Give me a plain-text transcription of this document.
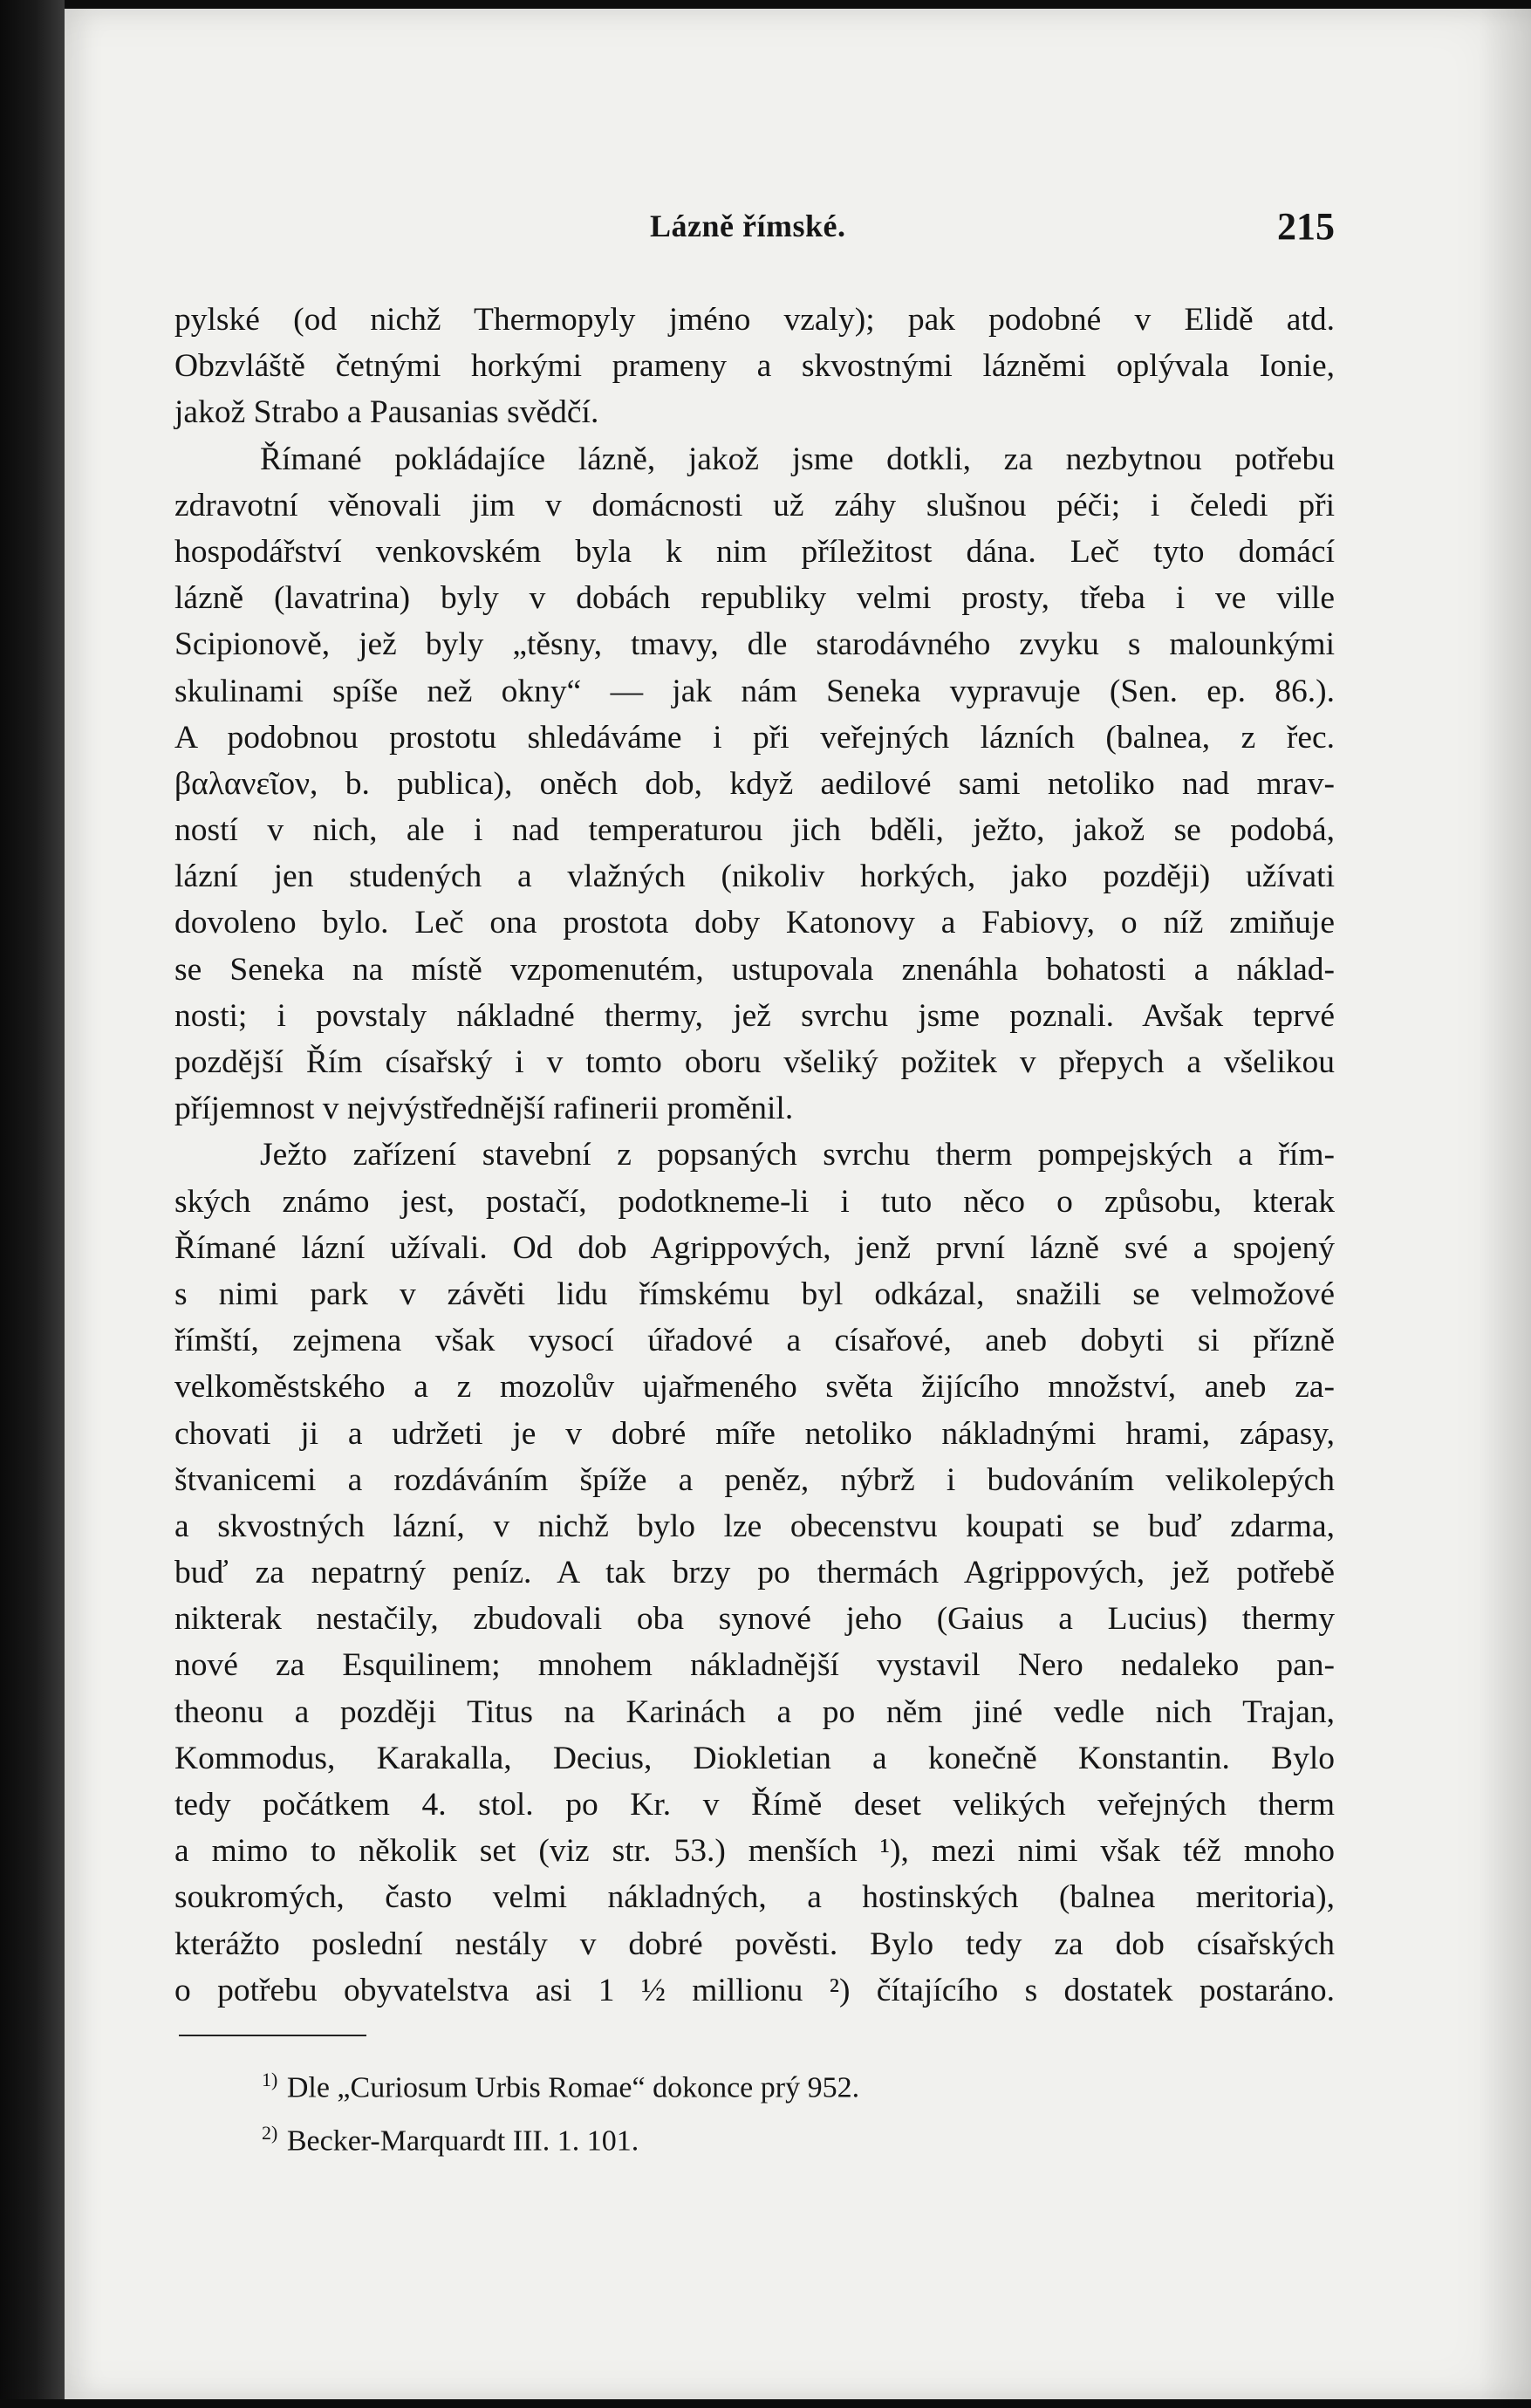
Lázně římské.	215
pylské (od nichž Thermopyly jméno vzaly); pak podobné v Elidě atd.
Obzvláště četnými horkými prameny a skvostnými lázněmi oplývala Ionie,
jakož Strabo a Pausanias svědčí.
Římané pokládajíce lázně, jakož jsme dotkli, za nezbytnou potřebu
zdravotní věnovali jim v domácnosti už záhy slušnou péči; i čeledi při
hospodářství venkovském byla k nim příležitost dána. Leč tyto domácí
lázně (lavatrina) byly v dobách republiky velmi prosty, třeba i ve ville
Scipionově, jež byly „těsny, tmavy, dle starodávného zvyku s malounkými
skulinami spíše než okny“ — jak nám Seneka vypravuje (Sen. ep. 86.).
A podobnou prostotu shledáváme i při veřejných lázních (balnea, z řec.
βαλανεῖον, b. publica), oněch dob, když aedilové sami netoliko nad mrav-
ností v nich, ale i nad temperaturou jich bděli, ježto, jakož se podobá,
lázní jen studených a vlažných (nikoliv horkých, jako později) užívati
dovoleno bylo. Leč ona prostota doby Katonovy a Fabiovy, o níž zmiňuje
se Seneka na místě vzpomenutém, ustupovala znenáhla bohatosti a náklad-
nosti; i povstaly nákladné thermy, jež svrchu jsme poznali. Avšak teprvé
pozdější Řím císařský i v tomto oboru všeliký požitek v přepych a všelikou
příjemnost v nejvýstřednější rafinerii proměnil.
Ježto zařízení stavební z popsaných svrchu therm pompejských a řím-
ských známo jest, postačí, podotkneme-li i tuto něco o způsobu, kterak
Římané lázní užívali. Od dob Agrippových, jenž první lázně své a spojený
s nimi park v závěti lidu římskému byl odkázal, snažili se velmožové
římští, zejmena však vysocí úřadové a císařové, aneb dobyti si přízně
velkoměstského a z mozolův ujařmeného světa žijícího množství, aneb za-
chovati ji a udržeti je v dobré míře netoliko nákladnými hrami, zápasy,
štvanicemi a rozdáváním špíže a peněz, nýbrž i budováním velikolepých
a skvostných lázní, v nichž bylo lze obecenstvu koupati se buď zdarma,
buď za nepatrný peníz. A tak brzy po thermách Agrippových, jež potřebě
nikterak nestačily, zbudovali oba synové jeho (Gaius a Lucius) thermy
nové za Esquilinem; mnohem nákladnější vystavil Nero nedaleko pan-
theonu a později Titus na Karinách a po něm jiné vedle nich Trajan,
Kommodus, Karakalla, Decius, Diokletian a konečně Konstantin. Bylo
tedy počátkem 4. stol. po Kr. v Římě deset velikých veřejných therm
a mimo to několik set (viz str. 53.) menších ¹), mezi nimi však též mnoho
soukromých, často velmi nákladných, a hostinských (balnea meritoria),
kterážto poslední nestály v dobré pověsti. Bylo tedy za dob císařských
o potřebu obyvatelstva asi 1 ½ millionu ²) čítajícího s dostatek postaráno.
$^{1)}$ Dle „Curiosum Urbis Romae“ dokonce prý 952.
$^{2)}$ Becker-Marquardt III. 1. 101.
